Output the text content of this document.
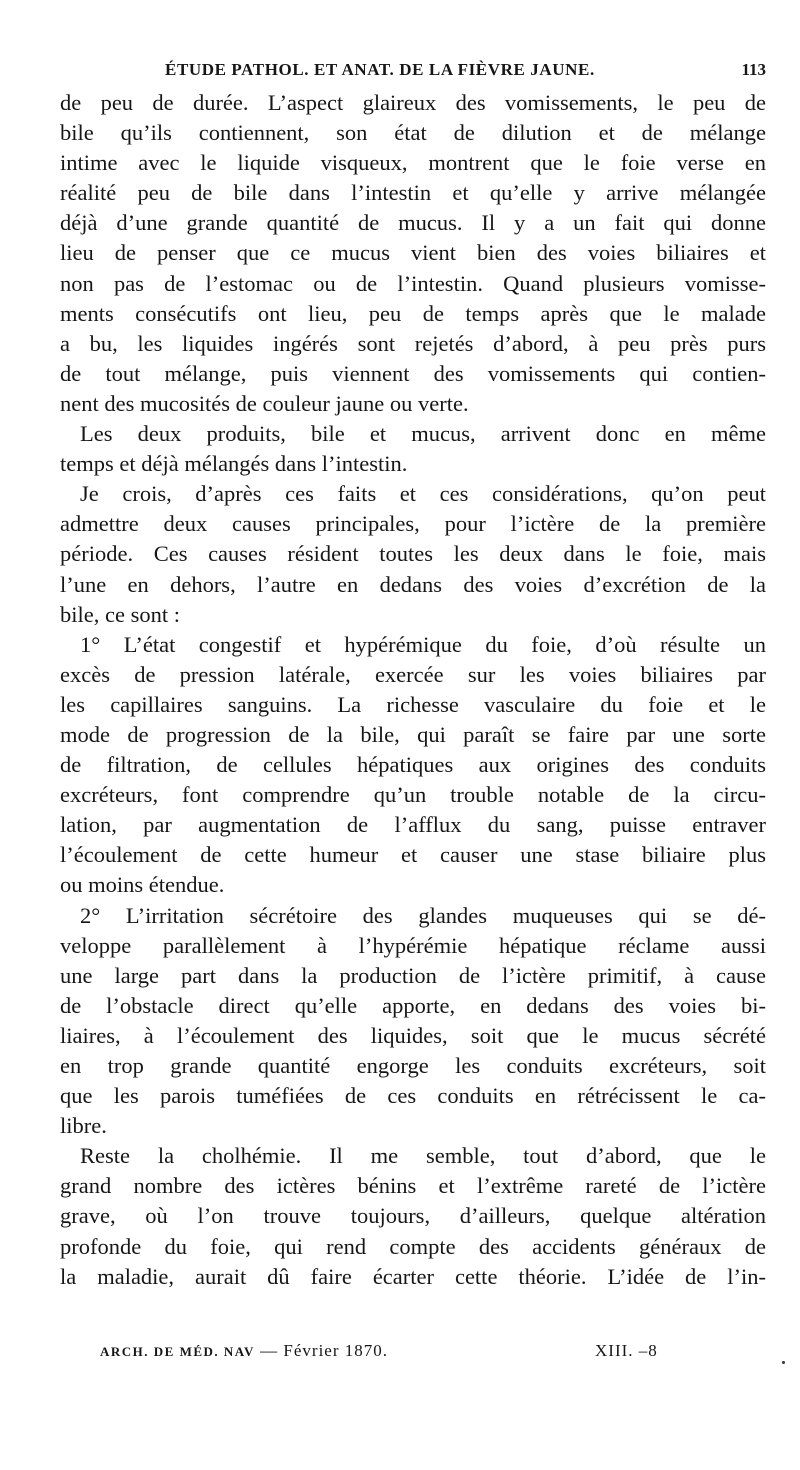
ÉTUDE PATHOL. ET ANAT. DE LA FIÈVRE JAUNE.	113
de peu de durée. L’aspect glaireux des vomissements, le peu de
bile qu’ils contiennent, son état de dilution et de mélange
intime avec le liquide visqueux, montrent que le foie verse en
réalité peu de bile dans l’intestin et qu’elle y arrive mélangée
déjà d’une grande quantité de mucus. Il y a un fait qui donne
lieu de penser que ce mucus vient bien des voies biliaires et
non pas de l’estomac ou de l’intestin. Quand plusieurs vomisse-
ments consécutifs ont lieu, peu de temps après que le malade
a bu, les liquides ingérés sont rejetés d’abord, à peu près purs
de tout mélange, puis viennent des vomissements qui contien-
nent des mucosités de couleur jaune ou verte.
Les deux produits, bile et mucus, arrivent donc en même
temps et déjà mélangés dans l’intestin.
Je crois, d’après ces faits et ces considérations, qu’on peut
admettre deux causes principales, pour l’ictère de la première
période. Ces causes résident toutes les deux dans le foie, mais
l’une en dehors, l’autre en dedans des voies d’excrétion de la
bile, ce sont :
1° L’état congestif et hypérémique du foie, d’où résulte un
excès de pression latérale, exercée sur les voies biliaires par
les capillaires sanguins. La richesse vasculaire du foie et le
mode de progression de la bile, qui paraît se faire par une sorte
de filtration, de cellules hépatiques aux origines des conduits
excréteurs, font comprendre qu’un trouble notable de la circu-
lation, par augmentation de l’afflux du sang, puisse entraver
l’écoulement de cette humeur et causer une stase biliaire plus
ou moins étendue.
2° L’irritation sécrétoire des glandes muqueuses qui se dé-
veloppe parallèlement à l’hypérémie hépatique réclame aussi
une large part dans la production de l’ictère primitif, à cause
de l’obstacle direct qu’elle apporte, en dedans des voies bi-
liaires, à l’écoulement des liquides, soit que le mucus sécrété
en trop grande quantité engorge les conduits excréteurs, soit
que les parois tuméfiées de ces conduits en rétrécissent le ca-
libre.
Reste la cholhémie. Il me semble, tout d’abord, que le
grand nombre des ictères bénins et l’extrême rareté de l’ictère
grave, où l’on trouve toujours, d’ailleurs, quelque altération
profonde du foie, qui rend compte des accidents généraux de
la maladie, aurait dû faire écarter cette théorie. L’idée de l’in-
ARCH. DE MÉD. NAV — Février 1870.	XIII. –8
